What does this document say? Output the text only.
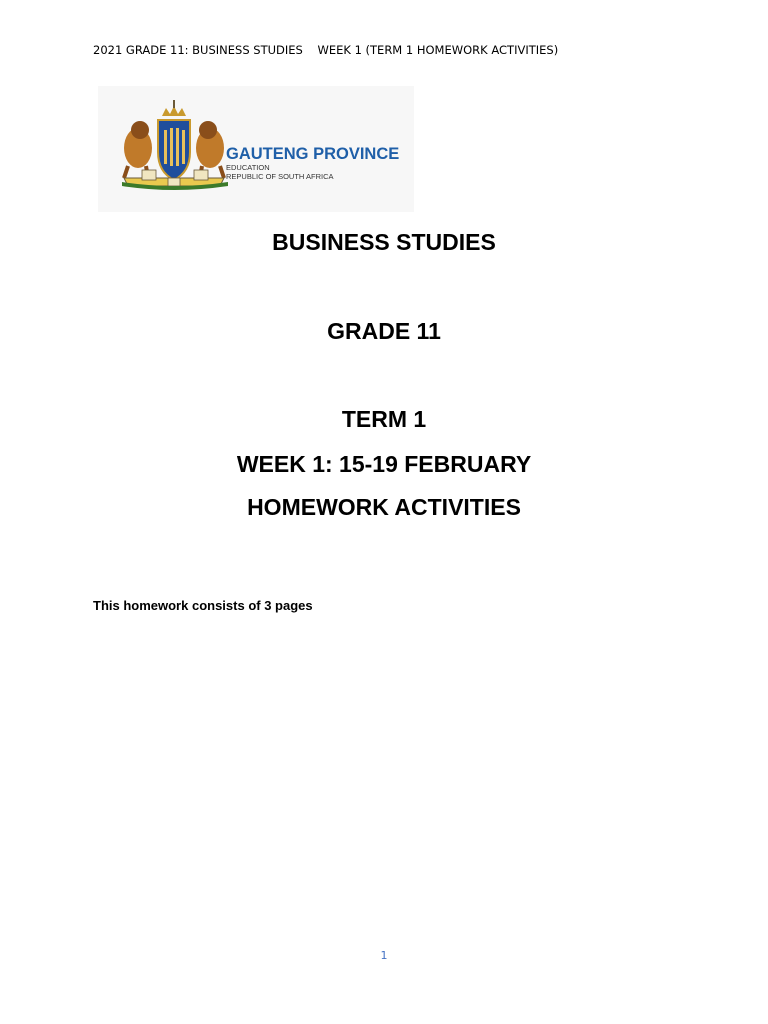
2021 GRADE 11: BUSINESS STUDIES WEEK 1 (TERM 1 HOMEWORK ACTIVITIES)
GAUTENG PROVINCE
EDUCATION
REPUBLIC OF SOUTH AFRICA
BUSINESS STUDIES
GRADE 11
TERM 1
WEEK 1: 15-19 FEBRUARY
HOMEWORK ACTIVITIES
This homework consists of 3 pages
1
